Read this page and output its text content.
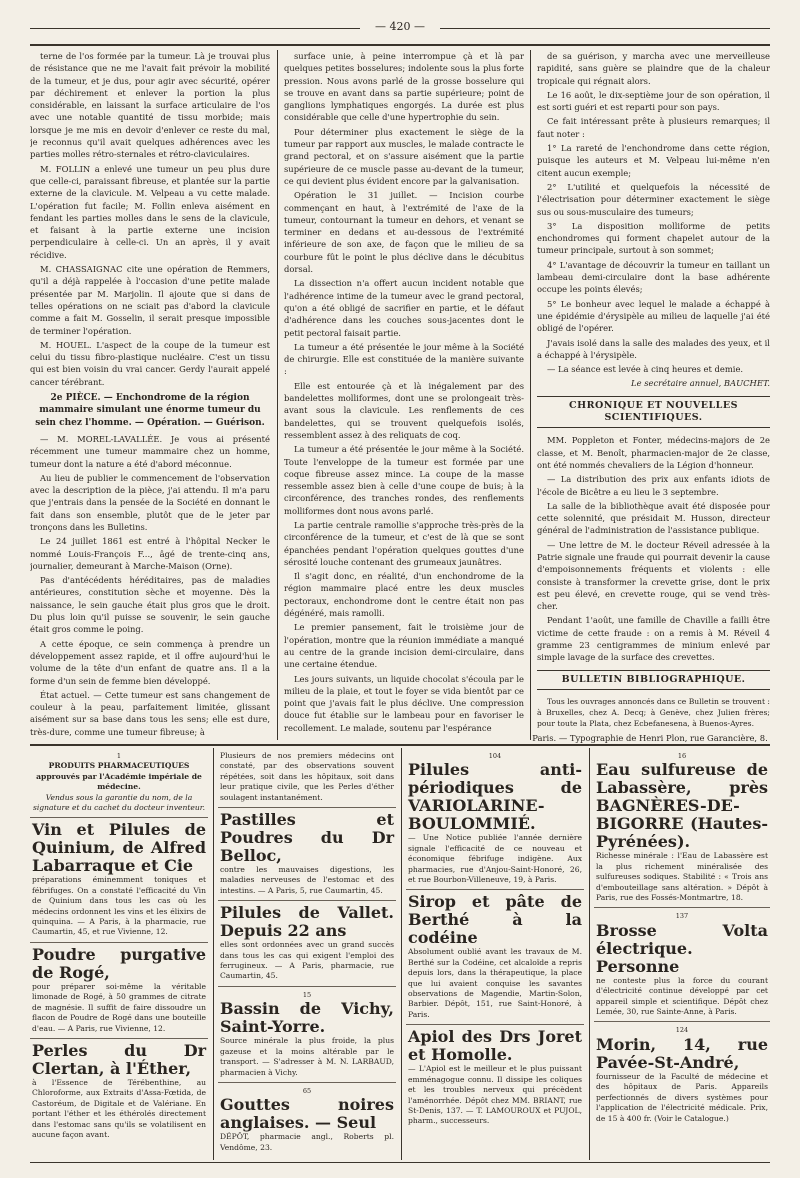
— 420 —

terne de l'os formée par la tumeur. Là je trouvai plus de résistance que ne me l'avait fait prévoir la mobilité de la tumeur, et je dus, pour agir avec sécurité, opérer par déchirement et enlever la portion la plus considérable, en laissant la surface articulaire de l'os avec une notable quantité de tissu morbide; mais lorsque je me mis en devoir d'enlever ce reste du mal, je reconnus qu'il avait quelques adhérences avec les parties molles rétro-sternales et rétro-claviculaires.

M. FOLLIN a enlevé une tumeur un peu plus dure que celle-ci, paraissant fibreuse, et plantée sur la partie externe de la clavicule. M. Velpeau a vu cette malade. L'opération fut facile; M. Follin enleva aisément en fendant les parties molles dans le sens de la clavicule, et faisant à la partie externe une incision perpendiculaire à celle-ci. Un an après, il y avait récidive.

M. CHASSAIGNAC cite une opération de Remmers, qu'il a déjà rappelée à l'occasion d'une petite malade présentée par M. Marjolin. Il ajoute que si dans de telles opérations on ne sciait pas d'abord la clavicule comme a fait M. Gosselin, il serait presque impossible de terminer l'opération.

M. HOUEL. L'aspect de la coupe de la tumeur est celui du tissu fibro-plastique nucléaire. C'est un tissu qui est bien voisin du vrai cancer. Gerdy l'aurait appelé cancer térébrant.

2e PIÈCE. — Enchondrome de la région mammaire simulant une énorme tumeur du sein chez l'homme. — Opération. — Guérison.

— M. MOREL-LAVALLÉE. Je vous ai présenté récemment une tumeur mammaire chez un homme, tumeur dont la nature a été d'abord méconnue.

Au lieu de publier le commencement de l'observation avec la description de la pièce, j'ai attendu. Il m'a paru que j'entrais dans la pensée de la Société en donnant le fait dans son ensemble, plutôt que de le jeter par tronçons dans les Bulletins.

Le 24 juillet 1861 est entré à l'hôpital Necker le nommé Louis-François F..., âgé de trente-cinq ans, journalier, demeurant à Marche-Maison (Orne).

Pas d'antécédents héréditaires, pas de maladies antérieures, constitution sèche et moyenne. Dès la naissance, le sein gauche était plus gros que le droit. Du plus loin qu'il puisse se souvenir, le sein gauche était gros comme le poing.

A cette époque, ce sein commença à prendre un développement assez rapide, et il offre aujourd'hui le volume de la tête d'un enfant de quatre ans. Il a la forme d'un sein de femme bien développé.

État actuel. — Cette tumeur est sans changement de couleur à la peau, parfaitement limitée, glissant aisément sur sa base dans tous les sens; elle est dure, très-dure, comme une tumeur fibreuse; à

surface unie, à peine interrompue çà et là par quelques petites bosselures; indolente sous la plus forte pression. Nous avons parlé de la grosse bosselure qui se trouve en avant dans sa partie supérieure; point de ganglions lymphatiques engorgés. La durée est plus considérable que celle d'une hypertrophie du sein.

Pour déterminer plus exactement le siège de la tumeur par rapport aux muscles, le malade contracte le grand pectoral, et on s'assure aisément que la partie supérieure de ce muscle passe au-devant de la tumeur, ce qui devient plus évident encore par la galvanisation.

Opération le 31 juillet. — Incision courbe commençant en haut, à l'extrémité de l'axe de la tumeur, contournant la tumeur en dehors, et venant se terminer en dedans et au-dessous de l'extrémité inférieure de son axe, de façon que le milieu de sa courbure fût le point le plus déclive dans le décubitus dorsal.

La dissection n'a offert aucun incident notable que l'adhérence intime de la tumeur avec le grand pectoral, qu'on a été obligé de sacrifier en partie, et le défaut d'adhérence dans les couches sous-jacentes dont le petit pectoral faisait partie.

La tumeur a été présentée le jour même à la Société de chirurgie. Elle est constituée de la manière suivante :

Elle est entourée çà et là inégalement par des bandelettes molliformes, dont une se prolongeait très-avant sous la clavicule. Les renflements de ces bandelettes, qui se trouvent quelquefois isolés, ressemblent assez à des reliquats de coq.

La tumeur a été présentée le jour même à la Société. Toute l'enveloppe de la tumeur est formée par une coque fibreuse assez mince. La coupe de la masse ressemble assez bien à celle d'une coupe de buis; à la circonférence, des tranches rondes, des renflements molliformes dont nous avons parlé.

La partie centrale ramollie s'approche très-près de la circonférence de la tumeur, et c'est de là que se sont épanchées pendant l'opération quelques gouttes d'une sérosité louche contenant des grumeaux jaunâtres.

Il s'agit donc, en réalité, d'un enchondrome de la région mammaire placé entre les deux muscles pectoraux, enchondrome dont le centre était non pas dégénéré, mais ramolli.

Le premier pansement, fait le troisième jour de l'opération, montre que la réunion immédiate a manqué au centre de la grande incision demi-circulaire, dans une certaine étendue.

Les jours suivants, un liquide chocolat s'écoula par le milieu de la plaie, et tout le foyer se vida bientôt par ce point que j'avais fait le plus déclive. Une compression douce fut établie sur le lambeau pour en favoriser le recollement. Le malade, soutenu par l'espérance

de sa guérison, y marcha avec une merveilleuse rapidité, sans guère se plaindre que de la chaleur tropicale qui régnait alors.

Le 16 août, le dix-septième jour de son opération, il est sorti guéri et est reparti pour son pays.

Ce fait intéressant prête à plusieurs remarques; il faut noter :

1° La rareté de l'enchondrome dans cette région, puisque les auteurs et M. Velpeau lui-même n'en citent aucun exemple;

2° L'utilité et quelquefois la nécessité de l'électrisation pour déterminer exactement le siège sus ou sous-musculaire des tumeurs;

3° La disposition molliforme de petits enchondromes qui forment chapelet autour de la tumeur principale, surtout à son sommet;

4° L'avantage de découvrir la tumeur en taillant un lambeau demi-circulaire dont la base adhérente occupe les points élevés;

5° Le bonheur avec lequel le malade a échappé à une épidémie d'érysipèle au milieu de laquelle j'ai été obligé de l'opérer.

J'avais isolé dans la salle des malades des yeux, et il a échappé à l'érysipèle.

— La séance est levée à cinq heures et demie.

Le secrétaire annuel, BAUCHET.

CHRONIQUE ET NOUVELLES SCIENTIFIQUES.

MM. Poppleton et Fonter, médecins-majors de 2e classe, et M. Benoît, pharmacien-major de 2e classe, ont été nommés chevaliers de la Légion d'honneur.

— La distribution des prix aux enfants idiots de l'école de Bicêtre a eu lieu le 3 septembre.

La salle de la bibliothèque avait été disposée pour cette solennité, que présidait M. Husson, directeur général de l'administration de l'assistance publique.

— Une lettre de M. le docteur Réveil adressée à la Patrie signale une fraude qui pourrait devenir la cause d'empoisonnements fréquents et violents : elle consiste à transformer la crevette grise, dont le prix est peu élevé, en crevette rouge, qui se vend très-cher.

Pendant 1'août, une famille de Chaville a failli être victime de cette fraude : on a remis à M. Réveil 4 gramme 23 centigrammes de minium enlevé par simple lavage de la surface des crevettes.

BULLETIN BIBLIOGRAPHIQUE.

Tous les ouvrages annoncés dans ce Bulletin se trouvent : à Bruxelles, chez A. Decq; à Genève, chez Julien frères; pour toute la Plata, chez Ecbefanesena, à Buenos-Ayres.

Paris. — Typographie de Henri Plon, rue Garancière, 8.
1
PRODUITS PHARMACEUTIQUES approuvés par l'Académie impériale de médecine.
Vendus sous la garantie du nom, de la signature et du cachet du docteur inventeur.
Vin et Pilules de Quinium, de Alfred Labarraque et Cie
préparations éminemment toniques et fébrifuges. On a constaté l'efficacité du Vin de Quinium dans tous les cas où les médecins ordonnent les vins et les élixirs de quinquina. — A Paris, à la pharmacie, rue Caumartin, 45, et rue Vivienne, 12.
Poudre purgative de Rogé,
pour préparer soi-même la véritable limonade de Rogé, à 50 grammes de citrate de magnésie. Il suffit de faire dissoudre un flacon de Poudre de Rogé dans une bouteille d'eau. — A Paris, rue Vivienne, 12.
Perles du Dr Clertan, à l'Éther,
à l'Essence de Térébenthine, au Chloroforme, aux Extraits d'Assa-Fœtida, de Castoréum, de Digitale et de Valériane. En portant l'éther et les éthérolés directement dans l'estomac sans qu'ils se volatilisent en aucune façon avant.
Plusieurs de nos premiers médecins ont constaté, par des observations souvent répétées, soit dans les hôpitaux, soit dans leur pratique civile, que les Perles d'éther soulagent instantanément.
Pastilles et Poudres du Dr Belloc,
contre les mauvaises digestions, les maladies nerveuses de l'estomac et des intestins. — A Paris, 5, rue Caumartin, 45.
Pilules de Vallet. Depuis 22 ans
elles sont ordonnées avec un grand succès dans tous les cas qui exigent l'emploi des ferrugineux. — A Paris, pharmacie, rue Caumartin, 45.
15
Bassin de Vichy, Saint-Yorre.
Source minérale la plus froide, la plus gazeuse et la moins altérable par le transport. — S'adresser à M. N. LARBAUD, pharmacien à Vichy.
65
Gouttes noires anglaises. — Seul
DÉPÔT, pharmacie angl., Roberts pl. Vendôme, 23.
104
Pilules anti-périodiques de VARIOLARINE-BOULOMMIÉ.
— Une Notice publiée l'année dernière signale l'efficacité de ce nouveau et économique fébrifuge indigène. Aux pharmacies, rue d'Anjou-Saint-Honoré, 26, et rue Bourbon-Villeneuve, 19, à Paris.
Sirop et pâte de Berthé à la codéine
Absolument oublié avant les travaux de M. Berthé sur la Codéine, cet alcaloïde a repris depuis lors, dans la thérapeutique, la place que lui avaient conquise les savantes observations de Magendie, Martin-Solon, Barbier. Dépôt, 151, rue Saint-Honoré, à Paris.
Apiol des Drs Joret et Homolle.
— L'Apiol est le meilleur et le plus puissant emménagogue connu. Il dissipe les coliques et les troubles nerveux qui précèdent l'aménorrhée. Dépôt chez MM. BRIANT, rue St-Denis, 137. — T. LAMOUROUX et PUJOL, pharm., successeurs.
16
Eau sulfureuse de Labassère, près BAGNÈRES-DE-BIGORRE (Hautes-Pyrénées).
Richesse minérale : l'Eau de Labassère est la plus richement minéralisée des sulfureuses sodiques. Stabilité : « Trois ans d'embouteillage sans altération. » Dépôt à Paris, rue des Fossés-Montmartre, 18.
137
Brosse Volta électrique. Personne
ne conteste plus la force du courant d'électricité continue développé par cet appareil simple et scientifique. Dépôt chez Lemée, 30, rue Sainte-Anne, à Paris.
124
Morin, 14, rue Pavée-St-André,
fournisseur de la Faculté de médecine et des hôpitaux de Paris. Appareils perfectionnés de divers systèmes pour l'application de l'électricité médicale. Prix, de 15 à 400 fr. (Voir le Catalogue.)
